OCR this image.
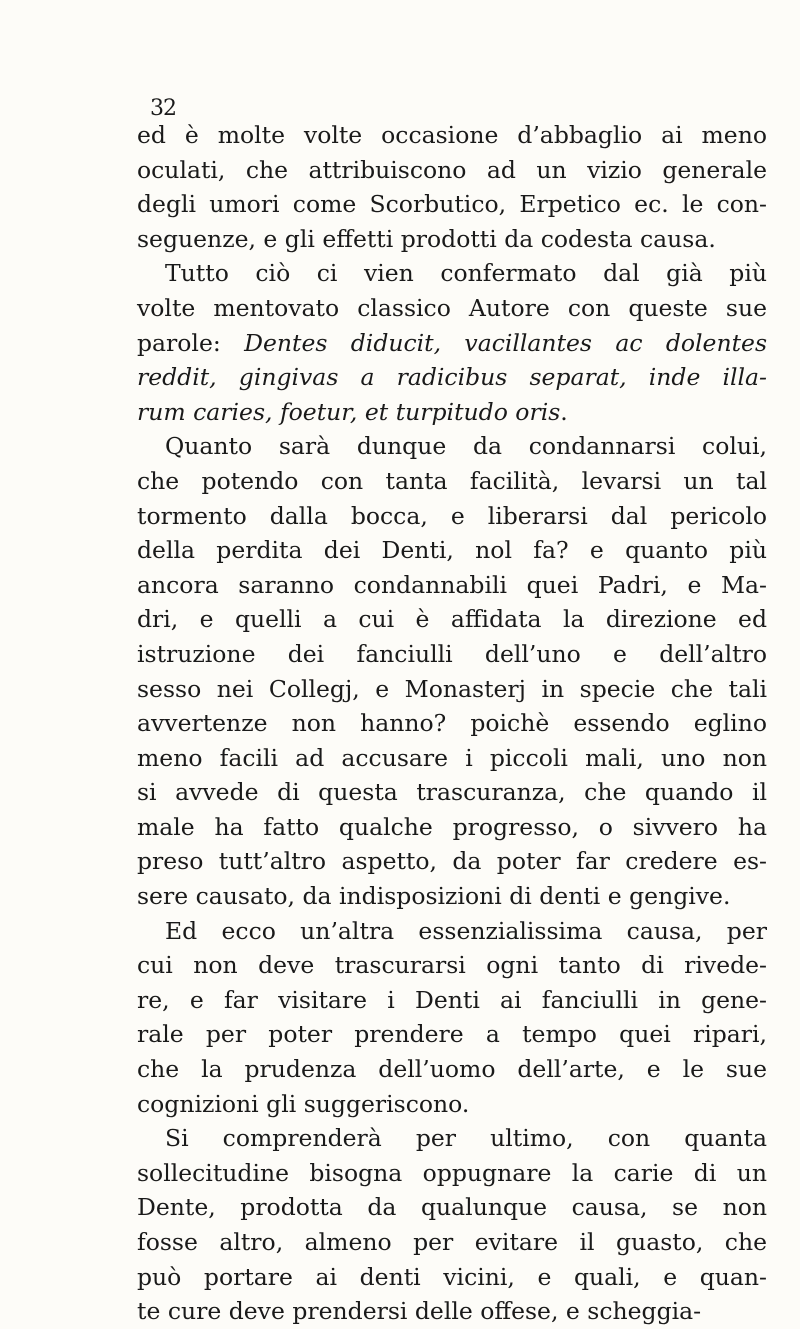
32
ed è molte volte occasione d’abbaglio ai meno
oculati, che attribuiscono ad un vizio generale
degli umori come Scorbutico, Erpetico ec. le con-
seguenze, e gli effetti prodotti da codesta causa.
Tutto ciò ci vien confermato dal già più
volte mentovato classico Autore con queste sue
parole: Dentes diducit, vacillantes ac dolentes
reddit, gingivas a radicibus separat, inde illa-
rum caries, foetur, et turpitudo oris.
Quanto sarà dunque da condannarsi colui,
che potendo con tanta facilità, levarsi un tal
tormento dalla bocca, e liberarsi dal pericolo
della perdita dei Denti, nol fa? e quanto più
ancora saranno condannabili quei Padri, e Ma-
dri, e quelli a cui è affidata la direzione ed
istruzione dei fanciulli dell’uno e dell’altro
sesso nei Collegj, e Monasterj in specie che tali
avvertenze non hanno? poichè essendo eglino
meno facili ad accusare i piccoli mali, uno non
si avvede di questa trascuranza, che quando il
male ha fatto qualche progresso, o sivvero ha
preso tutt’altro aspetto, da poter far credere es-
sere causato, da indisposizioni di denti e gengive.
Ed ecco un’altra essenzialissima causa, per
cui non deve trascurarsi ogni tanto di rivede-
re, e far visitare i Denti ai fanciulli in gene-
rale per poter prendere a tempo quei ripari,
che la prudenza dell’uomo dell’arte, e le sue
cognizioni gli suggeriscono.
Si comprenderà per ultimo, con quanta
sollecitudine bisogna oppugnare la carie di un
Dente, prodotta da qualunque causa, se non
fosse altro, almeno per evitare il guasto, che
può portare ai denti vicini, e quali, e quan-
te cure deve prendersi delle offese, e scheggia-
